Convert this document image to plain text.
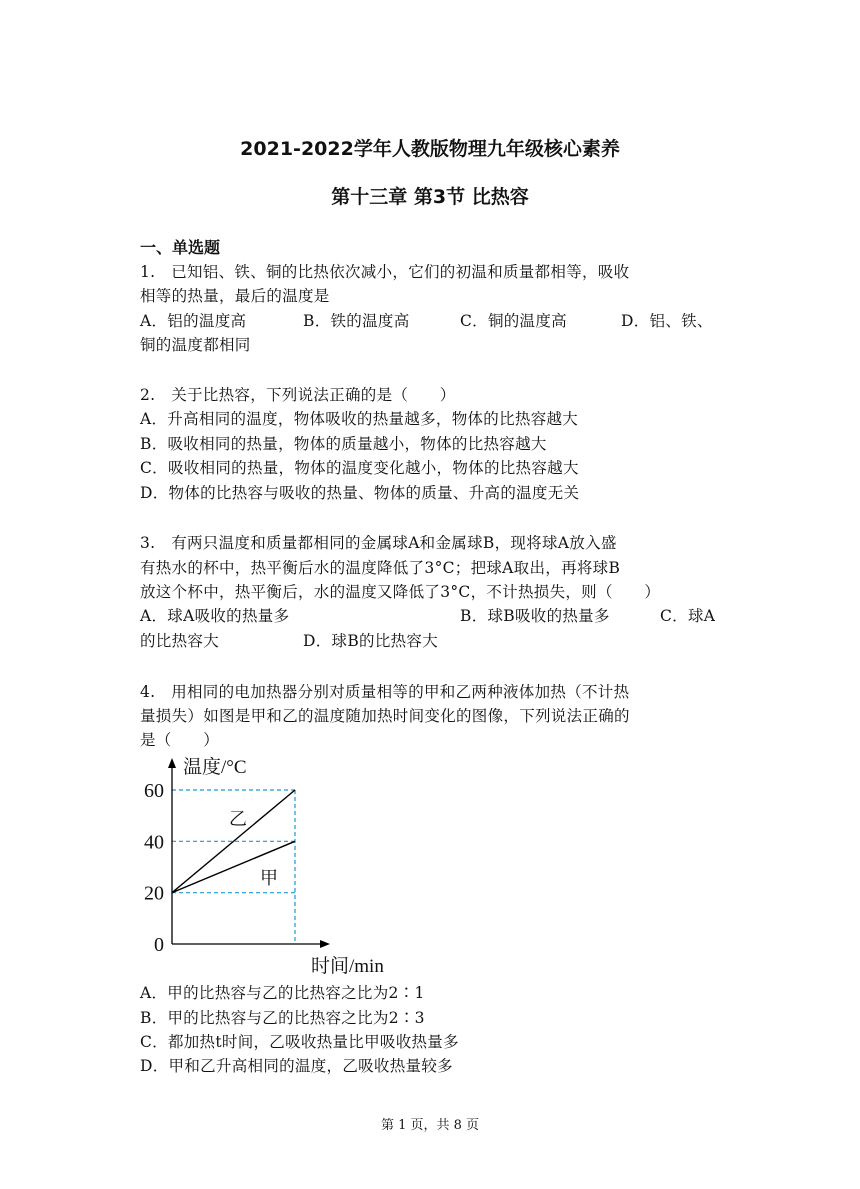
2021-2022学年人教版物理九年级核心素养
第十三章 第3节 比热容
一、单选题
1.　已知铝、铁、铜的比热依次减小，它们的初温和质量都相等，吸收
相等的热量，最后的温度是
A．铝的温度高	B．铁的温度高	C．铜的温度高	D．铝、铁、
铜的温度都相同
2.　关于比热容，下列说法正确的是（　　）
A．升高相同的温度，物体吸收的热量越多，物体的比热容越大
B．吸收相同的热量，物体的质量越小，物体的比热容越大
C．吸收相同的热量，物体的温度变化越小，物体的比热容越大
D．物体的比热容与吸收的热量、物体的质量、升高的温度无关
3.　有两只温度和质量都相同的金属球A和金属球B，现将球A放入盛
有热水的杯中，热平衡后水的温度降低了3°C；把球A取出，再将球B
放这个杯中，热平衡后，水的温度又降低了3°C，不计热损失，则（　　）
A．球A吸收的热量多	B．球B吸收的热量多	C．球A
的比热容大	D．球B的比热容大
4.　用相同的电加热器分别对质量相等的甲和乙两种液体加热（不计热
量损失）如图是甲和乙的温度随加热时间变化的图像，下列说法正确的
是（　　）
60
40
20
0
温度/°C
时间/min
乙
甲
A．甲的比热容与乙的比热容之比为2∶1
B．甲的比热容与乙的比热容之比为2∶3
C．都加热t时间，乙吸收热量比甲吸收热量多
D．甲和乙升高相同的温度，乙吸收热量较多
第 1 页，共 8 页
